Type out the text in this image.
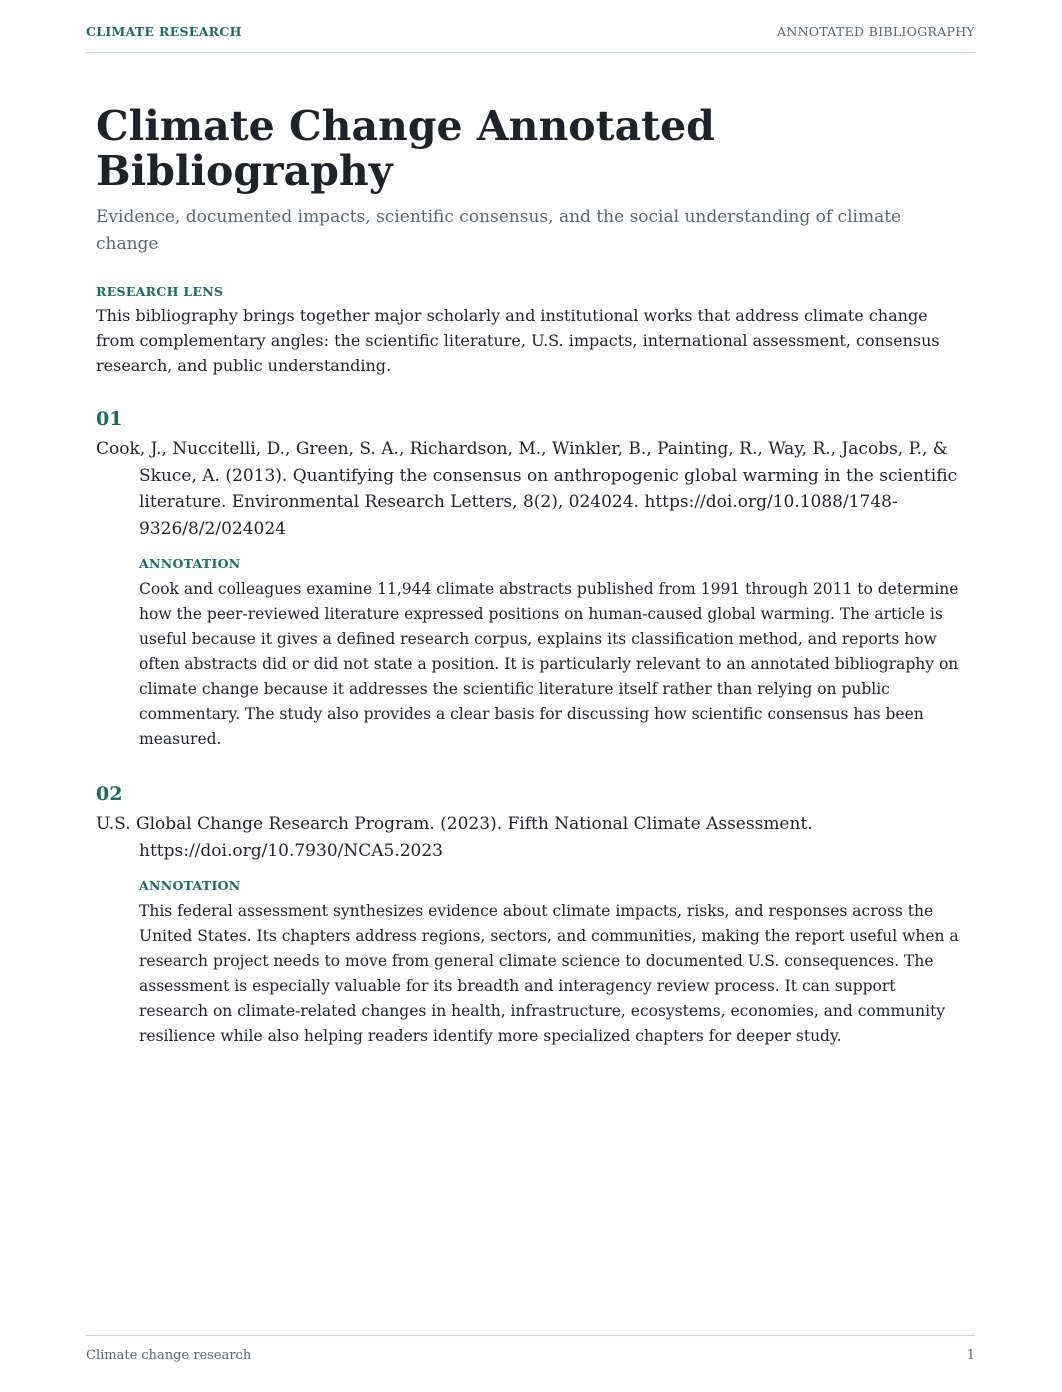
CLIMATE RESEARCH	ANNOTATED BIBLIOGRAPHY
Climate Change Annotated Bibliography

Evidence, documented impacts, scientific consensus, and the social understanding of climate change

RESEARCH LENS

This bibliography brings together major scholarly and institutional works that address climate change from complementary angles: the scientific literature, U.S. impacts, international assessment, consensus research, and public understanding.

01

Cook, J., Nuccitelli, D., Green, S. A., Richardson, M., Winkler, B., Painting, R., Way, R., Jacobs, P., & Skuce, A. (2013). Quantifying the consensus on anthropogenic global warming in the scientific literature. Environmental Research Letters, 8(2), 024024. https://doi.org/10.1088/1748-9326/8/2/024024

ANNOTATION

Cook and colleagues examine 11,944 climate abstracts published from 1991 through 2011 to determine how the peer-reviewed literature expressed positions on human-caused global warming. The article is useful because it gives a defined research corpus, explains its classification method, and reports how often abstracts did or did not state a position. It is particularly relevant to an annotated bibliography on climate change because it addresses the scientific literature itself rather than relying on public commentary. The study also provides a clear basis for discussing how scientific consensus has been measured.

02

U.S. Global Change Research Program. (2023). Fifth National Climate Assessment. https://doi.org/10.7930/NCA5.2023

ANNOTATION

This federal assessment synthesizes evidence about climate impacts, risks, and responses across the United States. Its chapters address regions, sectors, and communities, making the report useful when a research project needs to move from general climate science to documented U.S. consequences. The assessment is especially valuable for its breadth and interagency review process. It can support research on climate-related changes in health, infrastructure, ecosystems, economies, and community resilience while also helping readers identify more specialized chapters for deeper study.

Climate change research	1
